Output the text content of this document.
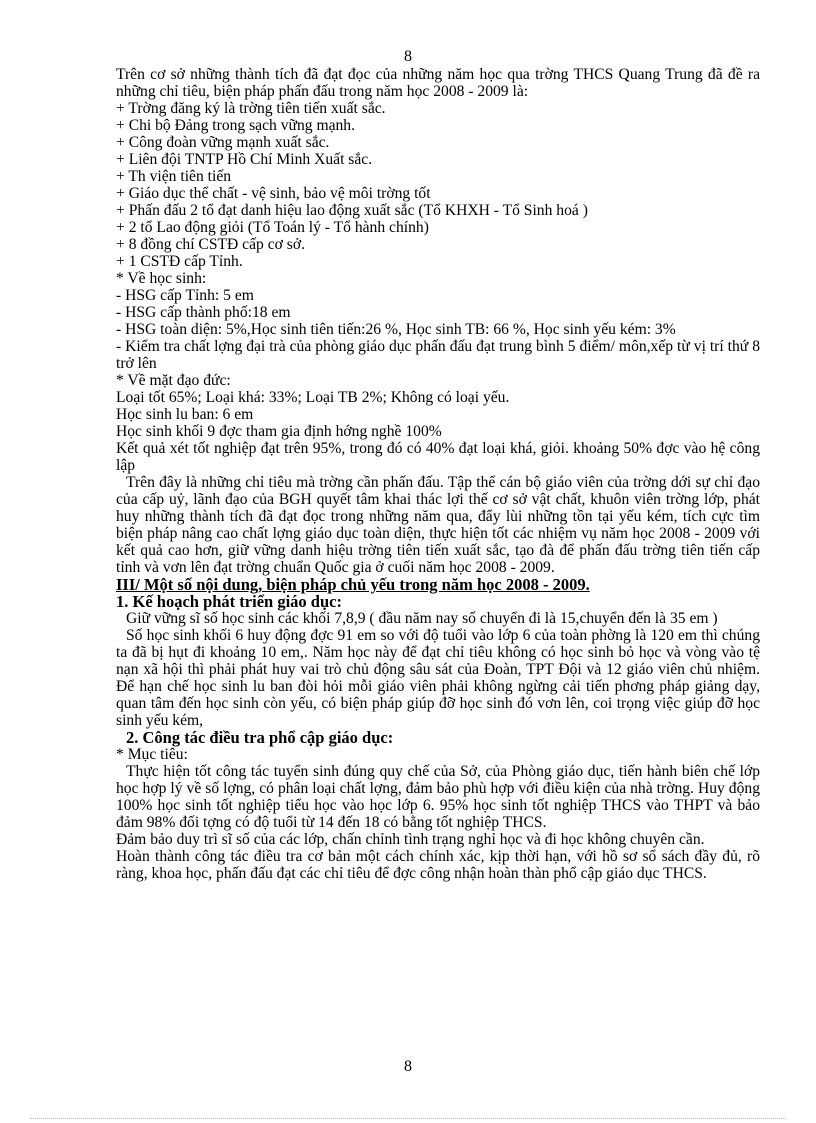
8

Trên cơ sở những thành tích đã đạt đọc của những năm học qua trờng THCS Quang Trung đã đề ra những chỉ tiêu, biện pháp phấn đấu trong năm học 2008 - 2009 là:

+ Trờng đăng ký là trờng tiên tiến xuất sắc.

+ Chi bộ Đảng trong sạch vững mạnh.

+ Công đoàn vững mạnh xuất sắc.

+ Liên đội TNTP Hồ Chí Minh Xuất sắc.

+ Th viện tiên tiến

+ Giáo dục thể chất - vệ sinh, bảo vệ môi trờng tốt

+ Phấn đấu 2 tổ đạt danh hiệu lao động xuất sắc (Tổ KHXH - Tổ Sinh hoá )

+ 2 tổ Lao động giỏi (Tổ Toán lý - Tổ hành chính)

+ 8 đồng chí CSTĐ cấp cơ sở.

+ 1 CSTĐ cấp Tỉnh.

* Về học sinh:

- HSG cấp Tỉnh: 5 em

- HSG cấp thành phố:18 em

- HSG toàn diện: 5%,Học sinh tiên tiến:26 %, Học sinh TB: 66 %, Học sinh yếu kém: 3%

- Kiểm tra chất lợng đại trà của phòng giáo dục phấn đấu đạt trung bình 5 điểm/ môn,xếp từ vị trí thứ 8 trở lên

* Về mặt đạo đức:

Loại tốt 65%; Loại khá: 33%; Loại TB 2%; Không có loại yếu.

Học sinh lu ban: 6 em

Học sinh khối 9 đợc tham gia định hớng nghề 100%

Kết quả xét tốt nghiệp đạt trên 95%, trong đó có 40% đạt loại khá, giỏi. khoảng 50% đợc vào hệ công lập

Trên đây là những chỉ tiêu mà trờng cần phấn đấu. Tập thể cán bộ giáo viên của trờng dới sự chỉ đạo của cấp uỷ, lãnh đạo của BGH quyết tâm khai thác lợi thế cơ sở vật chất, khuôn viên trờng lớp, phát huy những thành tích đã đạt đọc trong những năm qua, đẩy lùi những tồn tại yếu kém, tích cực tìm biện pháp nâng cao chất lợng giáo dục toàn diện, thực hiện tốt các nhiệm vụ năm học 2008 - 2009 với kết quả cao hơn, giữ vững danh hiệu trờng tiên tiến xuất sắc, tạo đà để phấn đấu trờng tiên tiến cấp tỉnh và vơn lên đạt trờng chuẩn Quốc gia ở cuối năm học 2008 - 2009.

III/ Một số nội dung, biện pháp chủ yếu trong năm học 2008 - 2009.

1. Kế hoạch phát triển giáo dục:

Giữ vững sĩ số học sinh các khối 7,8,9 ( đầu năm nay số chuyển đi là 15,chuyển đến là 35 em )

Số học sinh khối 6 huy động đợc 91 em so với độ tuổi vào lớp 6 của toàn phờng là 120 em thì chúng ta đã bị hụt đi khoảng 10 em,. Năm học này để đạt chỉ tiêu không có học sinh bỏ học và vòng vào tệ nạn xã hội thì phải phát huy vai trò chủ động sâu sát của Đoàn, TPT Đội và 12 giáo viên chủ nhiệm. Để hạn chế học sinh lu ban đòi hỏi mỗi giáo viên phải không ngừng cải tiến phơng pháp giảng dạy, quan tâm đến học sinh còn yếu, có biện pháp giúp đỡ học sinh đó vơn lên, coi trọng việc giúp đỡ học sinh yếu kém,

2. Công tác điều tra phổ cập giáo dục:

* Mục tiêu:

Thực hiện tốt công tác tuyển sinh đúng quy chế của Sở, của Phòng giáo dục, tiến hành biên chế lớp học hợp lý về số lợng, có phân loại chất lợng, đảm bảo phù hợp với điều kiện của nhà trờng. Huy động 100% học sinh tốt nghiệp tiểu học vào học lớp 6. 95% học sinh tốt nghiệp THCS vào THPT và bảo đảm 98% đối tợng có độ tuổi từ 14 đến 18 có bằng tốt nghiệp THCS.

Đảm bảo duy trì sĩ số của các lớp, chấn chỉnh tình trạng nghỉ học và đi học không chuyên cần.

Hoàn thành công tác điều tra cơ bản một cách chính xác, kịp thời hạn, với hồ sơ sổ sách đầy đủ, rõ ràng, khoa học, phấn đấu đạt các chỉ tiêu để đợc công nhận hoàn thàn phổ cập giáo dục THCS.

8
